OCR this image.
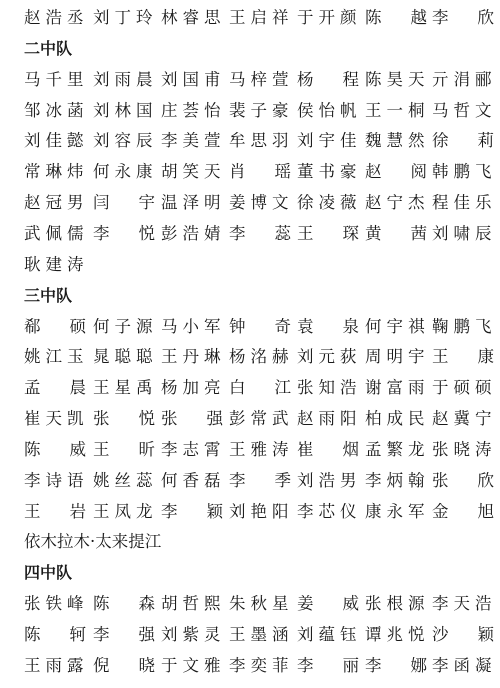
赵浩丞 刘丁玲 林睿思 王启祥 于开颜 陈 越 李 欣
二中队
马千里 刘雨晨 刘国甫 马梓萱 杨 程 陈昊天 亓涓郦
邹冰菡 刘林国 庄荟怡 裴子豪 侯怡帆 王一桐 马哲文
刘佳懿 刘容辰 李美萱 牟思羽 刘宇佳 魏慧然 徐 莉
常琳炜 何永康 胡笑天 肖 瑶 董书豪 赵 阅 韩鹏飞
赵冠男 闫 宇 温泽明 姜博文 徐凌薇 赵宁杰 程佳乐
武佩儒 李 悦 彭浩婧 李 蕊 王 琛 黄 茜 刘啸辰
耿建涛
三中队
郗 硕 何子源 马小军 钟 奇 袁 泉 何宇祺 鞠鹏飞
姚江玉 晁聪聪 王丹琳 杨洺赫 刘元荻 周明宇 王 康
孟 晨 王星禹 杨加亮 白 江 张知浩 谢富雨 于硕硕
崔天凯 张 悦 张 强 彭常武 赵雨阳 柏成民 赵冀宁
陈 威 王 昕 李志霄 王雅涛 崔 烟 孟繁龙 张晓涛
李诗语 姚丝蕊 何香磊 李 季 刘浩男 李炳翰 张 欣
王 岩 王凤龙 李 颖 刘艳阳 李芯仪 康永军 金 旭
依木拉木·太来提江
四中队
张铁峰 陈 森 胡哲熙 朱秋星 姜 威 张根源 李天浩
陈 轲 李 强 刘紫灵 王墨涵 刘蕴钰 谭兆悦 沙 颖
王雨露 倪 晓 于文雅 李奕菲 李 丽 李 娜 李函凝
